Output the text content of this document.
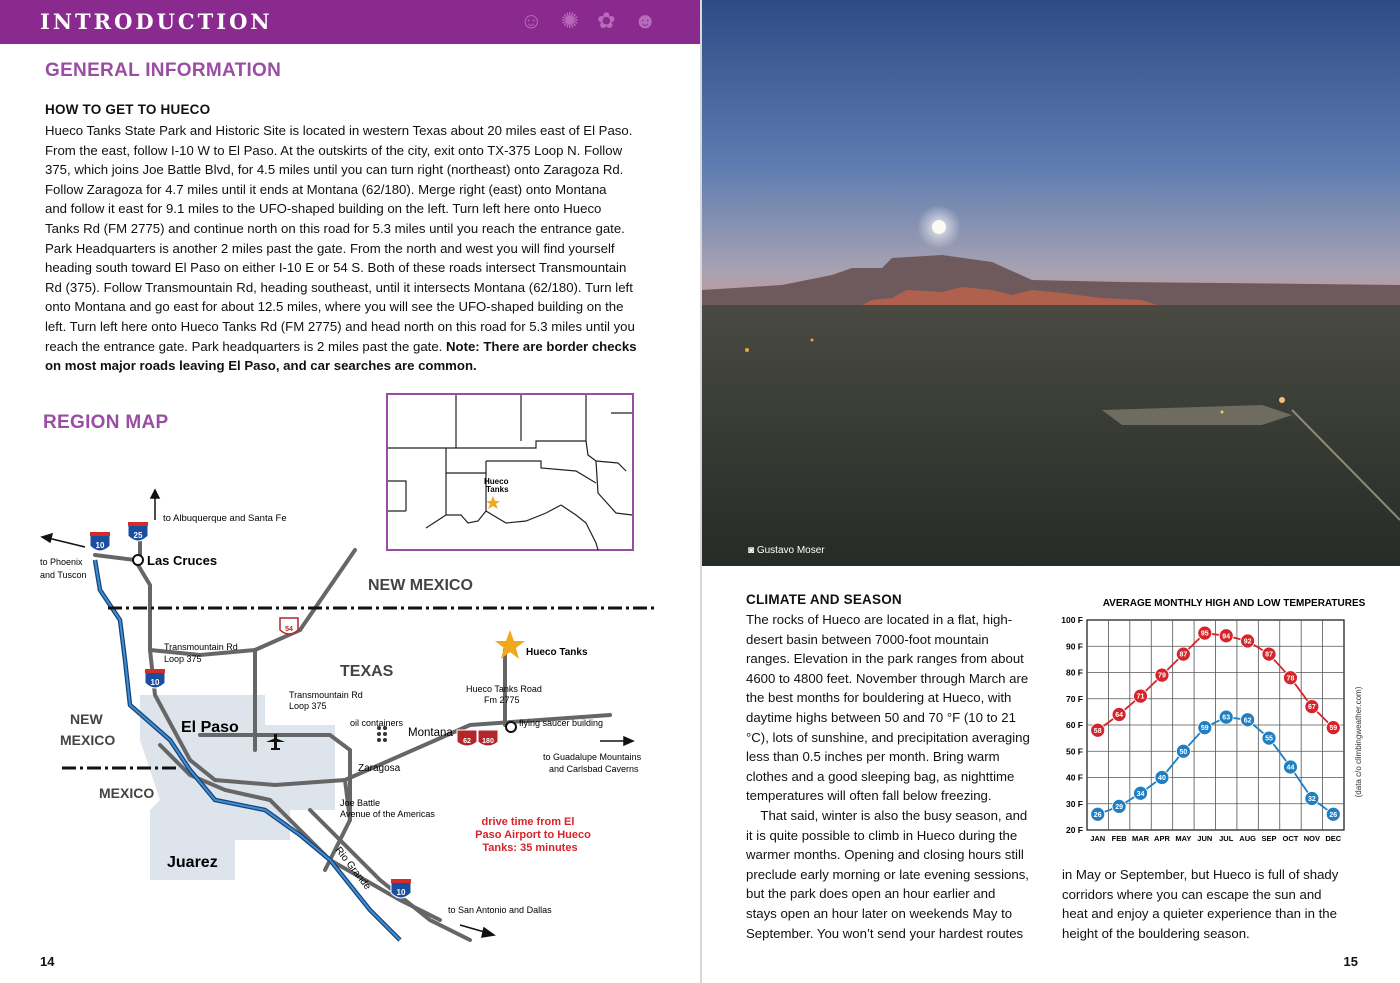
INTRODUCTION	☺ ✺ ✿ ☻
GENERAL INFORMATION
HOW TO GET TO HUECO
Hueco Tanks State Park and Historic Site is located in western Texas about 20 miles east of El Paso.
From the east, follow I-10 W to El Paso. At the outskirts of the city, exit onto TX-375 Loop N. Follow
375, which joins Joe Battle Blvd, for 4.5 miles until you can turn right (northeast) onto Zaragoza Rd.
Follow Zaragoza for 4.7 miles until it ends at Montana (62/180). Merge right (east) onto Montana
and follow it east for 9.1 miles to the UFO-shaped building on the left. Turn left here onto Hueco
Tanks Rd (FM 2775) and continue north on this road for 5.3 miles until you reach the entrance gate.
Park Headquarters is another 2 miles past the gate. From the north and west you will find yourself
heading south toward El Paso on either I-10 E or 54 S. Both of these roads intersect Transmountain
Rd (375). Follow Transmountain Rd, heading southeast, until it intersects Montana (62/180). Turn left
onto Montana and go east for about 12.5 miles, where you will see the UFO-shaped building on the
left. Turn left here onto Hueco Tanks Rd (FM 2775) and head north on this road for 5.3 miles until you
reach the entrance gate. Park headquarters is 2 miles past the gate. Note: There are border checks
on most major roads leaving El Paso, and car searches are common.
REGION MAP
Hueco
Tanks
10
25
10
10
54
62 180
to Albuquerque and Santa Fe
to Phoenix
and Tuscon
Las Cruces
NEW MEXICO
TEXAS
Transmountain Rd
Loop 375
Transmountain Rd
Loop 375
Hueco Tanks
Hueco Tanks Road
Fm 2775
oil containers
Montana
flying saucer building
El Paso
NEW
MEXICO
Zaragosa
to Guadalupe Mountains
and Carlsbad Caverns
MEXICO
Joe Battle
Avenue of the Americas
drive time from El
Paso Airport to Hueco
Tanks: 35 minutes
Juarez	Rio Grande
to San Antonio and Dallas
14
◙ Gustavo Moser
CLIMATE AND SEASON
The rocks of Hueco are located in a flat, high-
desert basin between 7000-foot mountain
ranges. Elevation in the park ranges from about
4600 to 4800 feet. November through March are
the best months for bouldering at Hueco, with
daytime highs between 50 and 70 °F (10 to 21
°C), lots of sunshine, and precipitation averaging
less than 0.5 inches per month. Bring warm
clothes and a good sleeping bag, as nighttime
temperatures will often fall below freezing.
That said, winter is also the busy season, and
it is quite possible to climb in Hueco during the
warmer months. Opening and closing hours still
preclude early morning or late evening sessions,
but the park does open an hour earlier and
stays open an hour later on weekends May to
September. You won’t send your hardest routes
in May or September, but Hueco is full of shady
corridors where you can escape the sun and
heat and enjoy a quieter experience than in the
height of the bouldering season.
AVERAGE MONTHLY HIGH AND LOW TEMPERATURES
20 F
30 F
40 F
50 F
60 F
70 F
80 F
90 F
100 F
JAN FEB MAR APR MAY JUN JUL AUG SEP OCT NOV DEC
58
64
71
79
87
95 94
92
87
78
67
59
26
29
34
40
50
59
63 62
55
44
32
26
(data c/o climbingweather.com)
15
